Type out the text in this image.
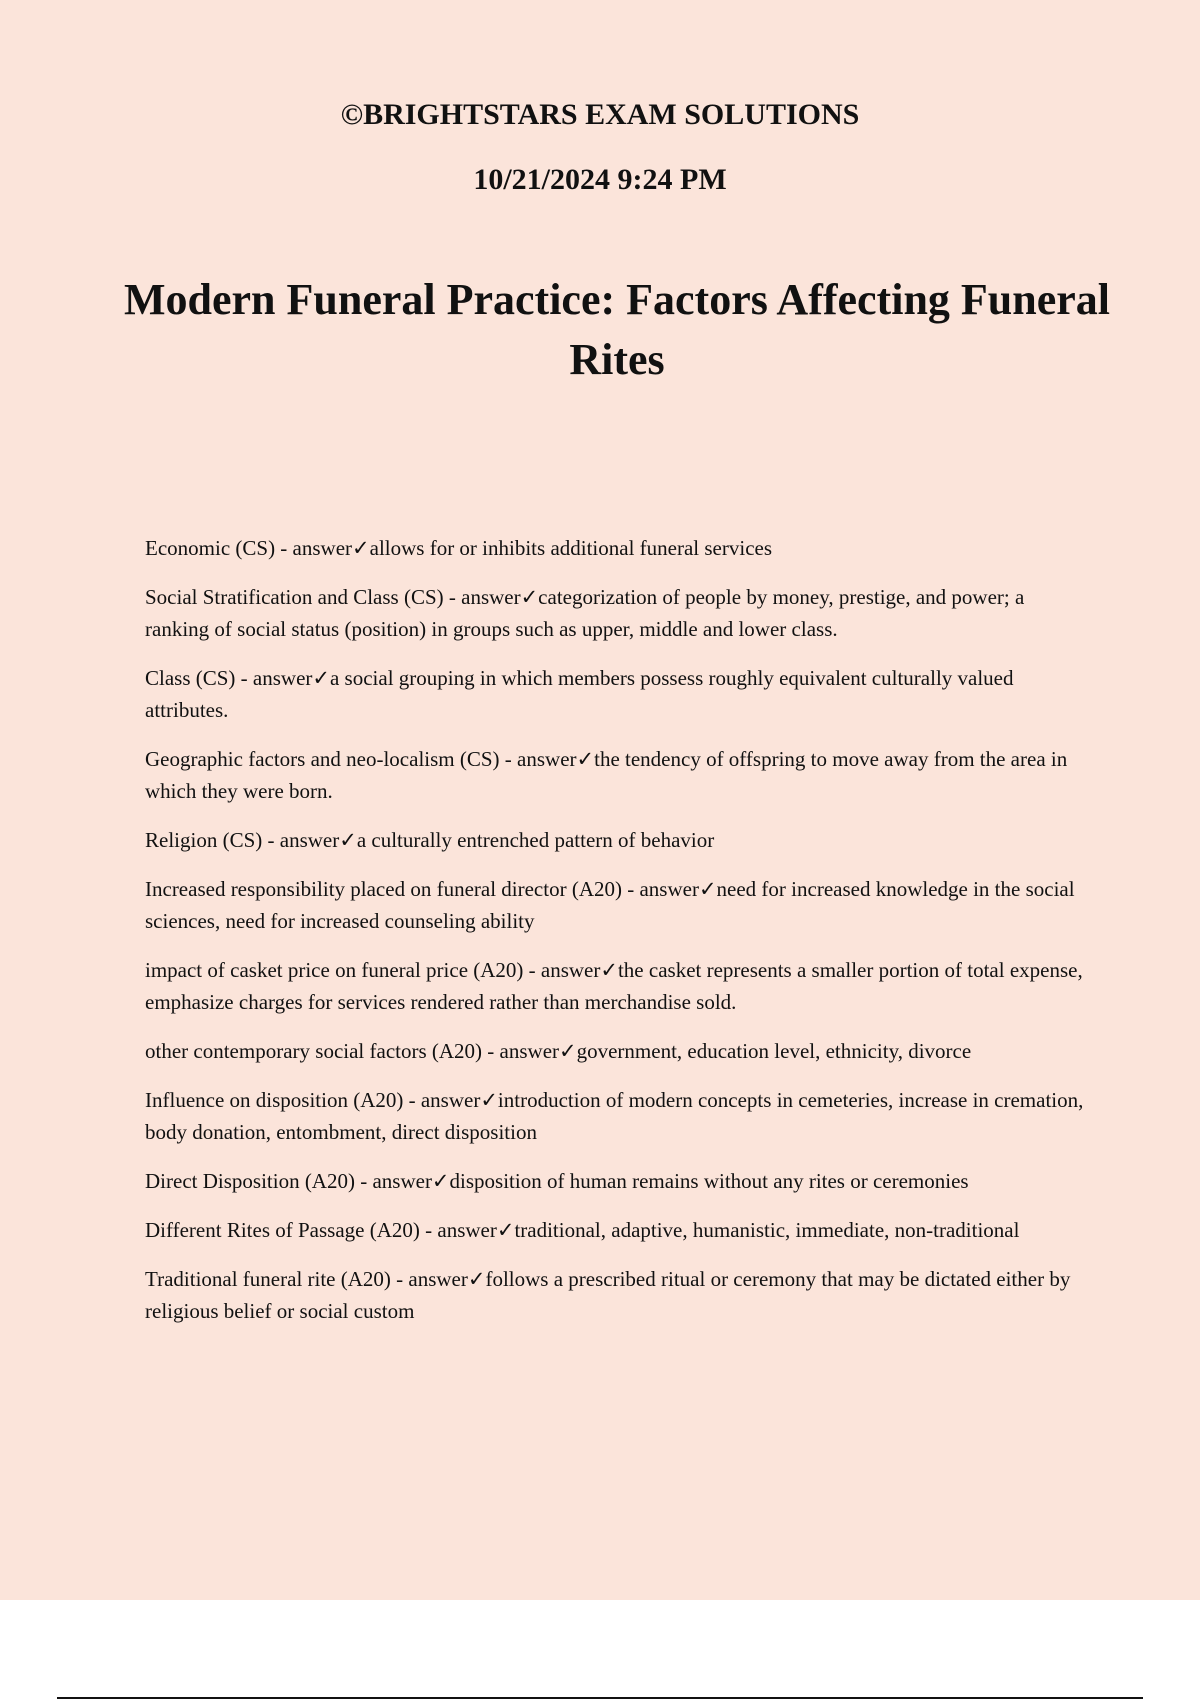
©BRIGHTSTARS EXAM SOLUTIONS

10/21/2024 9:24 PM

Modern Funeral Practice: Factors Affecting Funeral Rites
Economic (CS) - answer✓allows for or inhibits additional funeral services
Social Stratification and Class (CS) - answer✓categorization of people by money, prestige, and power; a ranking of social status (position) in groups such as upper, middle and lower class.
Class (CS) - answer✓a social grouping in which members possess roughly equivalent culturally valued attributes.
Geographic factors and neo-localism (CS) - answer✓the tendency of offspring to move away from the area in which they were born.
Religion (CS) - answer✓a culturally entrenched pattern of behavior
Increased responsibility placed on funeral director (A20) - answer✓need for increased knowledge in the social sciences, need for increased counseling ability
impact of casket price on funeral price (A20) - answer✓the casket represents a smaller portion of total expense, emphasize charges for services rendered rather than merchandise sold.
other contemporary social factors (A20) - answer✓government, education level, ethnicity, divorce
Influence on disposition (A20) - answer✓introduction of modern concepts in cemeteries, increase in cremation, body donation, entombment, direct disposition
Direct Disposition (A20) - answer✓disposition of human remains without any rites or ceremonies
Different Rites of Passage (A20) - answer✓traditional, adaptive, humanistic, immediate, non-traditional
Traditional funeral rite (A20) - answer✓follows a prescribed ritual or ceremony that may be dictated either by religious belief or social custom
